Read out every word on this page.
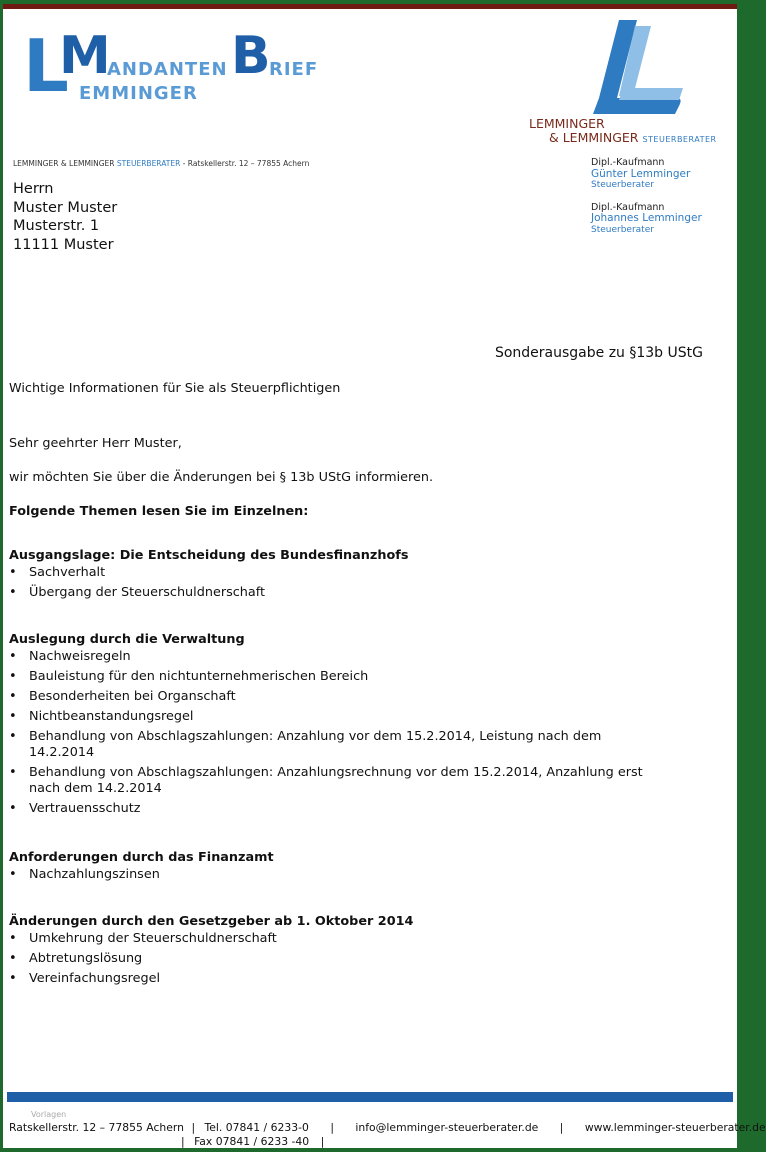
L
M B
ANDANTEN RIEF
EMMINGER
LEMMINGER
& LEMMINGER STEUERBERATER
LEMMINGER & LEMMINGER STEUERBERATER - Ratskellerstr. 12 – 77855 Achern
Herrn
Muster Muster
Musterstr. 1
11111 Muster
Dipl.-Kaufmann
Günter Lemminger
Steuerberater
Dipl.-Kaufmann
Johannes Lemminger
Steuerberater
Sonderausgabe zu §13b UStG
Wichtige Informationen für Sie als Steuerpflichtigen
Sehr geehrter Herr Muster,
wir möchten Sie über die Änderungen bei § 13b UStG informieren.
Folgende Themen lesen Sie im Einzelnen:

Ausgangslage: Die Entscheidung des Bundesfinanzhofs

• Sachverhalt
• Übergang der Steuerschuldnerschaft

Auslegung durch die Verwaltung

• Nachweisregeln
• Bauleistung für den nichtunternehmerischen Bereich
• Besonderheiten bei Organschaft
• Nichtbeanstandungsregel
• Behandlung von Abschlagszahlungen: Anzahlung vor dem 15.2.2014, Leistung nach dem 14.2.2014
• Behandlung von Abschlagszahlungen: Anzahlungsrechnung vor dem 15.2.2014, Anzahlung erst nach dem 14.2.2014
• Vertrauensschutz

Anforderungen durch das Finanzamt

• Nachzahlungszinsen

Änderungen durch den Gesetzgeber ab 1. Oktober 2014

• Umkehrung der Steuerschuldnerschaft
• Abtretungslösung
• Vereinfachungsregel
Vorlagen
Ratskellerstr. 12 – 77855 Achern | Tel. 07841 / 6233-0 | info@lemminger-steuerberater.de | www.lemminger-steuerberater.de
| Fax 07841 / 6233 -40 |
